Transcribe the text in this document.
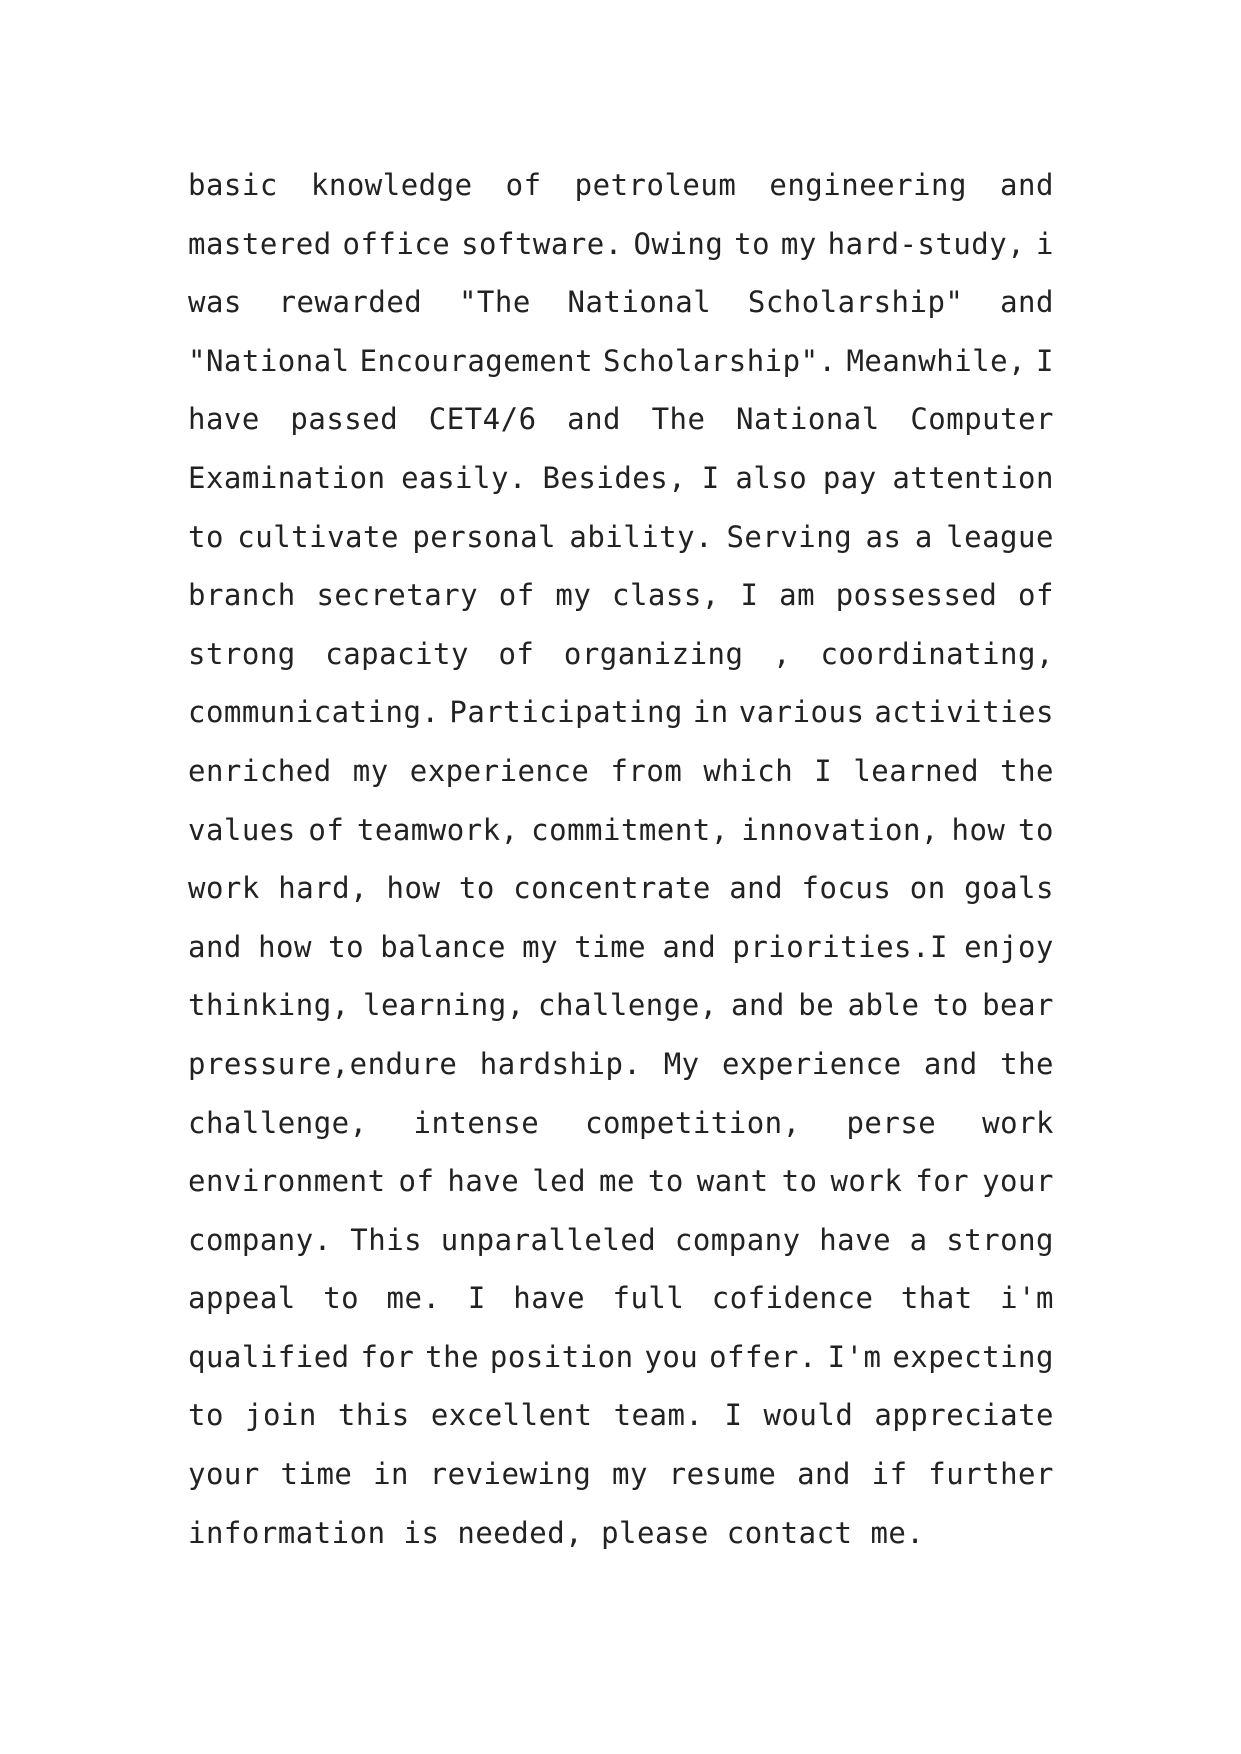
basic knowledge of petroleum engineering and
mastered office software. Owing to my hard-study, i
was rewarded "The National Scholarship" and
"National Encouragement Scholarship". Meanwhile, I
have passed CET4/6 and The National Computer
Examination easily. Besides, I also pay attention
to cultivate personal ability. Serving as a league
branch secretary of my class, I am possessed of
strong capacity of organizing , coordinating,
communicating. Participating in various activities
enriched my experience from which I learned the
values of teamwork, commitment, innovation, how to
work hard, how to concentrate and focus on goals
and how to balance my time and priorities.I enjoy
thinking, learning, challenge, and be able to bear
pressure,endure hardship. My experience and the
challenge, intense competition, perse work
environment of have led me to want to work for your
company. This unparalleled company have a strong
appeal to me. I have full cofidence that i'm
qualified for the position you offer. I'm expecting
to join this excellent team. I would appreciate
your time in reviewing my resume and if further
information is needed, please contact me.
